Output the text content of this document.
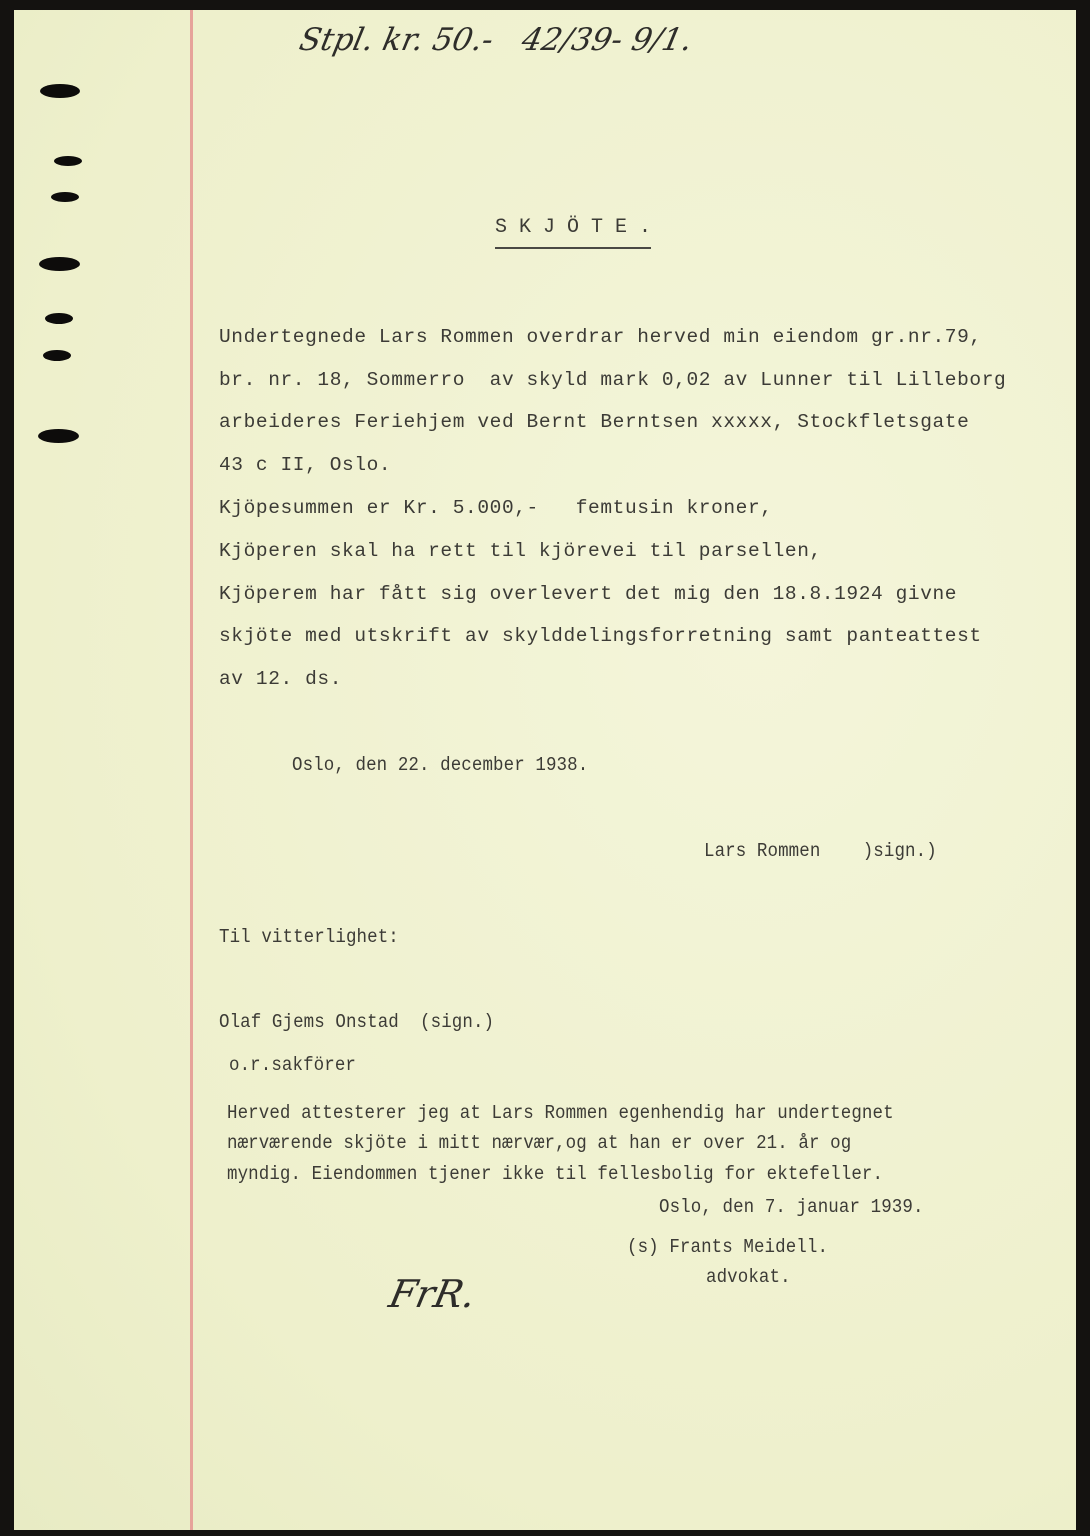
Stpl. kr. 50.-   42/39- 9/1.
SKJÖTE.
Undertegnede Lars Rommen overdrar herved min eiendom gr.nr.79,
br. nr. 18, Sommerro  av skyld mark 0,02 av Lunner til Lilleborg
arbeideres Feriehjem ved Bernt Berntsen xxxxx, Stockfletsgate
43 c II, Oslo.
Kjöpesummen er Kr. 5.000,-   femtusin kroner,
Kjöperen skal ha rett til kjörevei til parsellen,
Kjöperem har fått sig overlevert det mig den 18.8.1924 givne
skjöte med utskrift av skylddelingsforretning samt panteattest
av 12. ds.
Oslo, den 22. december 1938.
Lars Rommen    )sign.)
Til vitterlighet:
Olaf Gjems Onstad  (sign.)
o.r.sakförer
Herved attesterer jeg at Lars Rommen egenhendig har undertegnet
nærværende skjöte i mitt nærvær,og at han er over 21. år og
myndig. Eiendommen tjener ikke til fellesbolig for ektefeller.
Oslo, den 7. januar 1939.
(s) Frants Meidell.
advokat.
FrR.
